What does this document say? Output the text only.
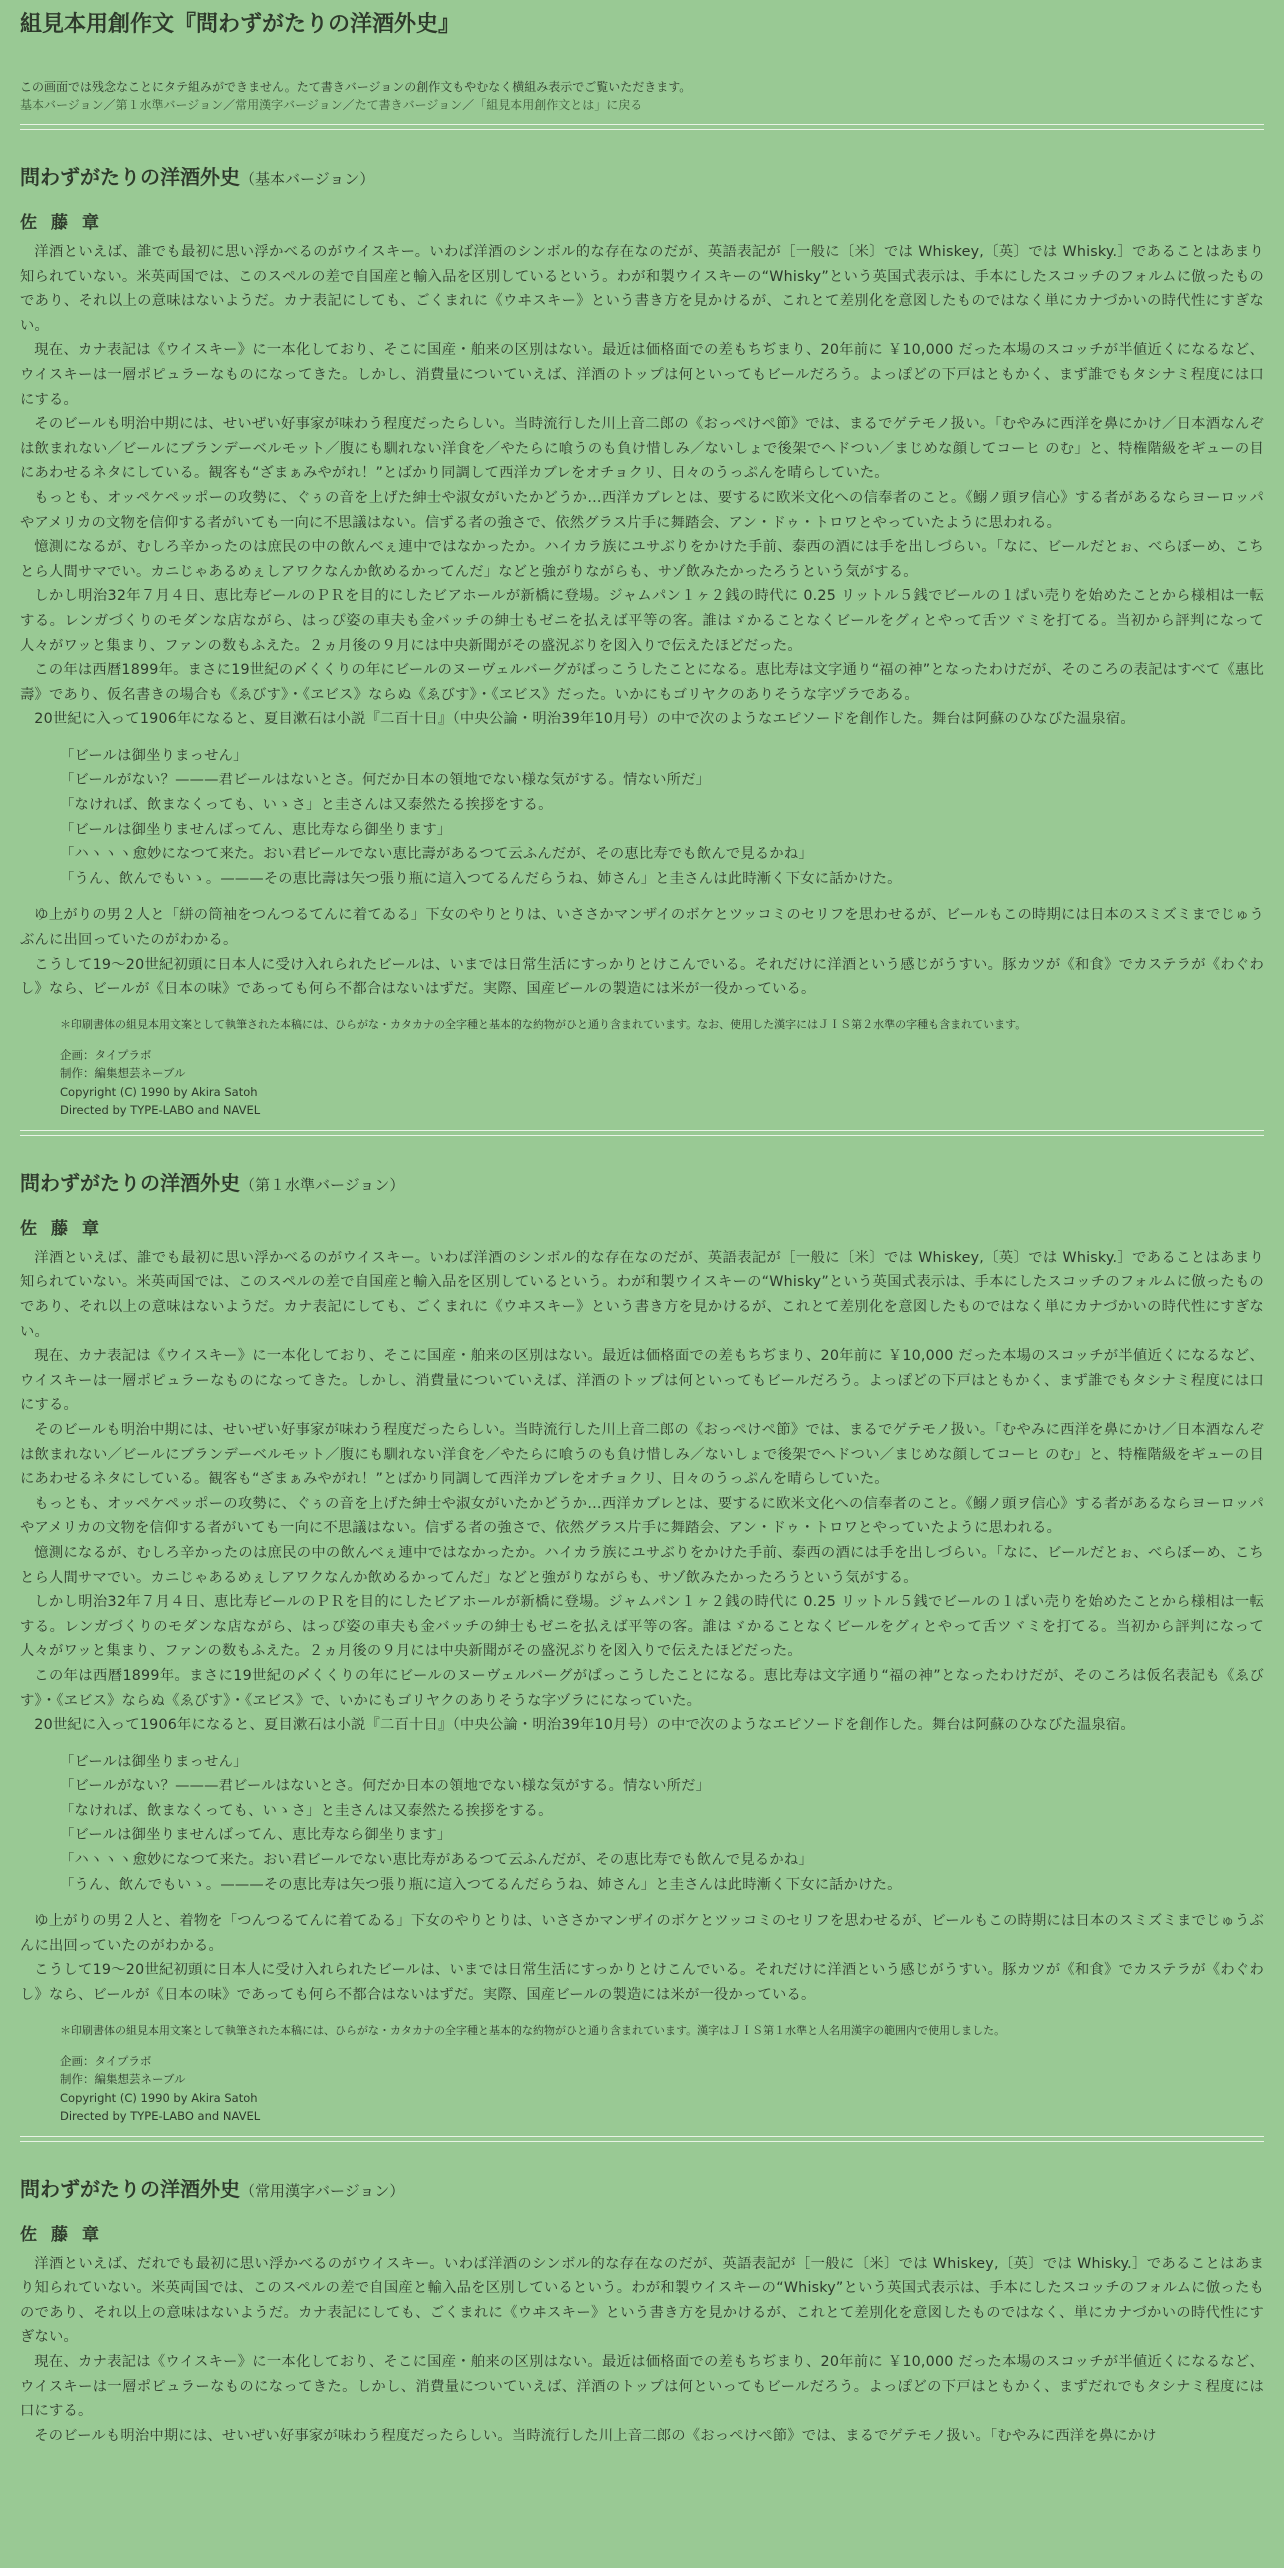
組見本用創作文『問わずがたりの洋酒外史』
この画面では残念なことにタテ組みができません。たて書きバージョンの創作文もやむなく横組み表示でご覧いただきます。
基本バージョン／第１水準バージョン／常用漢字バージョン／たて書きバージョン／「組見本用創作文とは」に戻る
問わずがたりの洋酒外史（基本バージョン）
佐藤章

洋酒といえば、誰でも最初に思い浮かべるのがウイスキー。いわば洋酒のシンボル的な存在なのだが、英語表記が［一般に〔米〕では Whiskey,〔英〕では Whisky.］であることはあまり知られていない。米英両国では、このスペルの差で自国産と輸入品を区別しているという。わが和製ウイスキーの“Whisky”という英国式表示は、手本にしたスコッチのフォルムに倣ったものであり、それ以上の意味はないようだ。カナ表記にしても、ごくまれに《ウヰスキー》という書き方を見かけるが、これとて差別化を意図したものではなく単にカナづかいの時代性にすぎない。

現在、カナ表記は《ウイスキー》に一本化しており、そこに国産・舶来の区別はない。最近は価格面での差もちぢまり、20年前に ￥10,000 だった本場のスコッチが半値近くになるなど、ウイスキーは一層ポピュラーなものになってきた。しかし、消費量についていえば、洋酒のトップは何といってもビールだろう。よっぽどの下戸はともかく、まず誰でもタシナミ程度には口にする。

そのビールも明治中期には、せいぜい好事家が味わう程度だったらしい。当時流行した川上音二郎の《おっぺけぺ節》では、まるでゲテモノ扱い。「むやみに西洋を鼻にかけ／日本酒なんぞは飲まれない／ビールにブランデーベルモット／腹にも馴れない洋食を／やたらに喰うのも負け惜しみ／ないしょで後架でへドつい／まじめな顔してコーヒ のむ」と、特権階級をギューの目にあわせるネタにしている。観客も“ざまぁみやがれ！”とばかり同調して西洋カブレをオチョクリ、日々のうっぷんを晴らしていた。

もっとも、オッペケペッポーの攻勢に、ぐぅの音を上げた紳士や淑女がいたかどうか…西洋カブレとは、要するに欧米文化への信奉者のこと。《鰯ノ頭ヲ信心》する者があるならヨーロッパやアメリカの文物を信仰する者がいても一向に不思議はない。信ずる者の強さで、依然グラス片手に舞踏会、アン・ドゥ・トロワとやっていたように思われる。

憶測になるが、むしろ辛かったのは庶民の中の飲んべぇ連中ではなかったか。ハイカラ族にユサぶりをかけた手前、泰西の酒には手を出しづらい。「なに、ビールだとぉ、べらぼーめ、こちとら人間サマでい。カニじゃあるめぇしアワクなんか飲めるかってんだ」などと強がりながらも、サゾ飲みたかったろうという気がする。

しかし明治32年７月４日、恵比寿ビールのＰＲを目的にしたビアホールが新橋に登場。ジャムパン１ヶ２銭の時代に 0.25 リットル５銭でビールの１ぱい売りを始めたことから様相は一転する。レンガづくりのモダンな店ながら、はっぴ姿の車夫も金バッチの紳士もゼニを払えば平等の客。誰はゞかることなくビールをグィとやって舌ツヾミを打てる。当初から評判になって人々がワッと集まり、ファンの数もふえた。２ヵ月後の９月には中央新聞がその盛況ぶりを図入りで伝えたほどだった。

この年は西暦1899年。まさに19世紀の〆くくりの年にビールのヌーヴェルバーグがぱっこうしたことになる。恵比寿は文字通り“福の神”となったわけだが、そのころの表記はすべて《惠比壽》であり、仮名書きの場合も《ゑびす》・《ヱビス》ならぬ《ゑびす》・《ヱビス》だった。いかにもゴリヤクのありそうな字ヅラである。

20世紀に入って1906年になると、夏目漱石は小説『二百十日』（中央公論・明治39年10月号）の中で次のようなエピソードを創作した。舞台は阿蘇のひなびた温泉宿。

「ビールは御坐りまっせん」
「ビールがない？———君ビールはないとさ。何だか日本の領地でない様な気がする。情ない所だ」
「なければ、飲まなくっても、いゝさ」と圭さんは又泰然たる挨拶をする。
「ビールは御坐りませんばってん、恵比寿なら御坐ります」
「ハヽヽヽ愈妙になつて来た。おい君ビールでない恵比壽があるつて云ふんだが、その恵比寿でも飲んで見るかね」
「うん、飲んでもいゝ。———その恵比壽は矢つ張り瓶に這入つてるんだらうね、姉さん」と圭さんは此時漸く下女に話かけた。

ゆ上がりの男２人と「絣の筒袖をつんつるてんに着てゐる」下女のやりとりは、いささかマンザイのボケとツッコミのセリフを思わせるが、ビールもこの時期には日本のスミズミまでじゅうぶんに出回っていたのがわかる。

こうして19〜20世紀初頭に日本人に受け入れられたビールは、いまでは日常生活にすっかりとけこんでいる。それだけに洋酒という感じがうすい。豚カツが《和食》でカステラが《わぐわし》なら、ビールが《日本の味》であっても何ら不都合はないはずだ。実際、国産ビールの製造には米が一役かっている。

＊印刷書体の組見本用文案として執筆された本稿には、ひらがな・カタカナの全字種と基本的な約物がひと通り含まれています。なお、使用した漢字にはＪＩＳ第２水準の字種も含まれています。
企画：タイプラボ
制作：編集想芸ネーブル
Copyright (C) 1990 by Akira Satoh
Directed by TYPE-LABO and NAVEL
問わずがたりの洋酒外史（第１水準バージョン）
佐藤章

洋酒といえば、誰でも最初に思い浮かべるのがウイスキー。いわば洋酒のシンボル的な存在なのだが、英語表記が［一般に〔米〕では Whiskey,〔英〕では Whisky.］であることはあまり知られていない。米英両国では、このスペルの差で自国産と輸入品を区別しているという。わが和製ウイスキーの“Whisky”という英国式表示は、手本にしたスコッチのフォルムに倣ったものであり、それ以上の意味はないようだ。カナ表記にしても、ごくまれに《ウヰスキー》という書き方を見かけるが、これとて差別化を意図したものではなく単にカナづかいの時代性にすぎない。

現在、カナ表記は《ウイスキー》に一本化しており、そこに国産・舶来の区別はない。最近は価格面での差もちぢまり、20年前に ￥10,000 だった本場のスコッチが半値近くになるなど、ウイスキーは一層ポピュラーなものになってきた。しかし、消費量についていえば、洋酒のトップは何といってもビールだろう。よっぽどの下戸はともかく、まず誰でもタシナミ程度には口にする。

そのビールも明治中期には、せいぜい好事家が味わう程度だったらしい。当時流行した川上音二郎の《おっぺけぺ節》では、まるでゲテモノ扱い。「むやみに西洋を鼻にかけ／日本酒なんぞは飲まれない／ビールにブランデーベルモット／腹にも馴れない洋食を／やたらに喰うのも負け惜しみ／ないしょで後架でへドつい／まじめな顔してコーヒ のむ」と、特権階級をギューの目にあわせるネタにしている。観客も“ざまぁみやがれ！”とばかり同調して西洋カブレをオチョクリ、日々のうっぷんを晴らしていた。

もっとも、オッペケペッポーの攻勢に、ぐぅの音を上げた紳士や淑女がいたかどうか…西洋カブレとは、要するに欧米文化への信奉者のこと。《鰯ノ頭ヲ信心》する者があるならヨーロッパやアメリカの文物を信仰する者がいても一向に不思議はない。信ずる者の強さで、依然グラス片手に舞踏会、アン・ドゥ・トロワとやっていたように思われる。

憶測になるが、むしろ辛かったのは庶民の中の飲んべぇ連中ではなかったか。ハイカラ族にユサぶりをかけた手前、泰西の酒には手を出しづらい。「なに、ビールだとぉ、べらぼーめ、こちとら人間サマでい。カニじゃあるめぇしアワクなんか飲めるかってんだ」などと強がりながらも、サゾ飲みたかったろうという気がする。

しかし明治32年７月４日、恵比寿ビールのＰＲを目的にしたビアホールが新橋に登場。ジャムパン１ヶ２銭の時代に 0.25 リットル５銭でビールの１ぱい売りを始めたことから様相は一転する。レンガづくりのモダンな店ながら、はっぴ姿の車夫も金バッチの紳士もゼニを払えば平等の客。誰はゞかることなくビールをグィとやって舌ツヾミを打てる。当初から評判になって人々がワッと集まり、ファンの数もふえた。２ヵ月後の９月には中央新聞がその盛況ぶりを図入りで伝えたほどだった。

この年は西暦1899年。まさに19世紀の〆くくりの年にビールのヌーヴェルバーグがぱっこうしたことになる。恵比寿は文字通り“福の神”となったわけだが、そのころは仮名表記も《ゑびす》・《ヱビス》ならぬ《ゑびす》・《ヱビス》で、いかにもゴリヤクのありそうな字ヅラにになっていた。

20世紀に入って1906年になると、夏目漱石は小説『二百十日』（中央公論・明治39年10月号）の中で次のようなエピソードを創作した。舞台は阿蘇のひなびた温泉宿。

「ビールは御坐りまっせん」
「ビールがない？———君ビールはないとさ。何だか日本の領地でない様な気がする。情ない所だ」
「なければ、飲まなくっても、いゝさ」と圭さんは又泰然たる挨拶をする。
「ビールは御坐りませんばってん、恵比寿なら御坐ります」
「ハヽヽヽ愈妙になつて来た。おい君ビールでない恵比寿があるつて云ふんだが、その恵比寿でも飲んで見るかね」
「うん、飲んでもいゝ。———その恵比寿は矢つ張り瓶に這入つてるんだらうね、姉さん」と圭さんは此時漸く下女に話かけた。

ゆ上がりの男２人と、着物を「つんつるてんに着てゐる」下女のやりとりは、いささかマンザイのボケとツッコミのセリフを思わせるが、ビールもこの時期には日本のスミズミまでじゅうぶんに出回っていたのがわかる。

こうして19〜20世紀初頭に日本人に受け入れられたビールは、いまでは日常生活にすっかりとけこんでいる。それだけに洋酒という感じがうすい。豚カツが《和食》でカステラが《わぐわし》なら、ビールが《日本の味》であっても何ら不都合はないはずだ。実際、国産ビールの製造には米が一役かっている。

＊印刷書体の組見本用文案として執筆された本稿には、ひらがな・カタカナの全字種と基本的な約物がひと通り含まれています。漢字はＪＩＳ第１水準と人名用漢字の範囲内で使用しました。
企画：タイプラボ
制作：編集想芸ネーブル
Copyright (C) 1990 by Akira Satoh
Directed by TYPE-LABO and NAVEL
問わずがたりの洋酒外史（常用漢字バージョン）
佐藤章

洋酒といえば、だれでも最初に思い浮かべるのがウイスキー。いわば洋酒のシンボル的な存在なのだが、英語表記が［一般に〔米〕では Whiskey,〔英〕では Whisky.］であることはあまり知られていない。米英両国では、このスペルの差で自国産と輸入品を区別しているという。わが和製ウイスキーの“Whisky”という英国式表示は、手本にしたスコッチのフォルムに倣ったものであり、それ以上の意味はないようだ。カナ表記にしても、ごくまれに《ウヰスキー》という書き方を見かけるが、これとて差別化を意図したものではなく、単にカナづかいの時代性にすぎない。

現在、カナ表記は《ウイスキー》に一本化しており、そこに国産・舶来の区別はない。最近は価格面での差もちぢまり、20年前に ￥10,000 だった本場のスコッチが半値近くになるなど、ウイスキーは一層ポピュラーなものになってきた。しかし、消費量についていえば、洋酒のトップは何といってもビールだろう。よっぽどの下戸はともかく、まずだれでもタシナミ程度には口にする。

そのビールも明治中期には、せいぜい好事家が味わう程度だったらしい。当時流行した川上音二郎の《おっぺけぺ節》では、まるでゲテモノ扱い。「むやみに西洋を鼻にかけ
